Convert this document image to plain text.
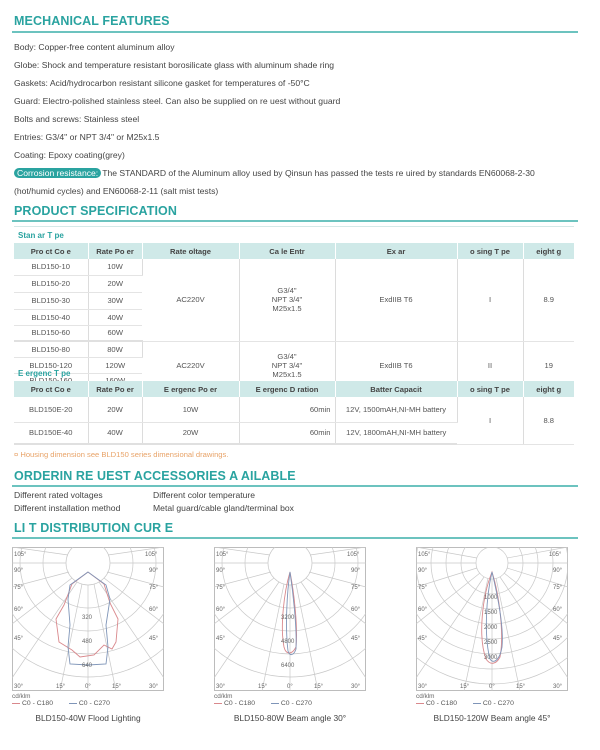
MECHANICAL FEATURES
Body: Copper-free content aluminum alloy
Globe: Shock and temperature resistant borosilicate glass with aluminum shade ring
Gaskets: Acid/hydrocarbon resistant silicone gasket for temperatures of -50°C
Guard: Electro-polished stainless steel. Can also be supplied on re uest without guard
Bolts and screws: Stainless steel
Entries: G3/4" or NPT 3/4" or M25x1.5
Coating: Epoxy coating(grey)
Corrosion resistance: The STANDARD of the Aluminum alloy used by Qinsun has passed the tests re uired by standards EN60068-2-30
(hot/humid cycles) and EN60068-2-11 (salt mist tests)
PRODUCT SPECIFICATION
Stan ar T pe
Pro ct Co e	Rate Po er	Rate oltage	Ca le Entr	Ex ar	o sing T pe	eight g
BLD150-10	10W	AC220V	G3/4"
NPT 3/4"
M25x1.5	ExdIIB T6	I	8.9
BLD150-20	20W					
BLD150-30	30W					
BLD150-40	40W					
BLD150-60	60W					
BLD150-80	80W	AC220V	G3/4"
NPT 3/4"
M25x1.5	ExdIIB T6	II	19
BLD150-120	120W					

E ergenc T pe
Pro ct Co e	Rate Po er	E ergenc Po er	E ergenc D ration	Batter Capacit	o sing T pe	eight g
BLD150E-20	20W	10W	60min	12V, 1500mAH,NI-MH battery	I	8.8
BLD150E-40	40W	20W	60min	12V, 1800mAH,NI-MH battery		
¤ Housing dimension see BLD150 series dimensional drawings.
ORDERIN RE UEST ACCESSORIES A AILABLE
Different rated voltages	Different color temperature
Different installation method	Metal guard/cable gland/terminal box
LI T DISTRIBUTION CUR E
105°	105°
90°	90°
75°	75°
60°	60°
45°	45°
30°	15°	0°	15°	30°
320
480
640
cd/klm
C0 - C180	C0 - C270
BLD150-40W Flood Lighting
105°	105°
90°	90°
75°	75°
60°	60°
45°	45°
30°	15°	0°	15°	30°
3200
4800
6400
cd/klm
C0 - C180	C0 - C270
BLD150-80W Beam angle 30°
105°	105°
90°	90°
75°	75°
60°	60°
45°	45°
30°	15°	0°	15°	30°
1000
1500
2000
2500
3000
cd/klm
C0 - C180	C0 - C270
BLD150-120W Beam angle 45°
